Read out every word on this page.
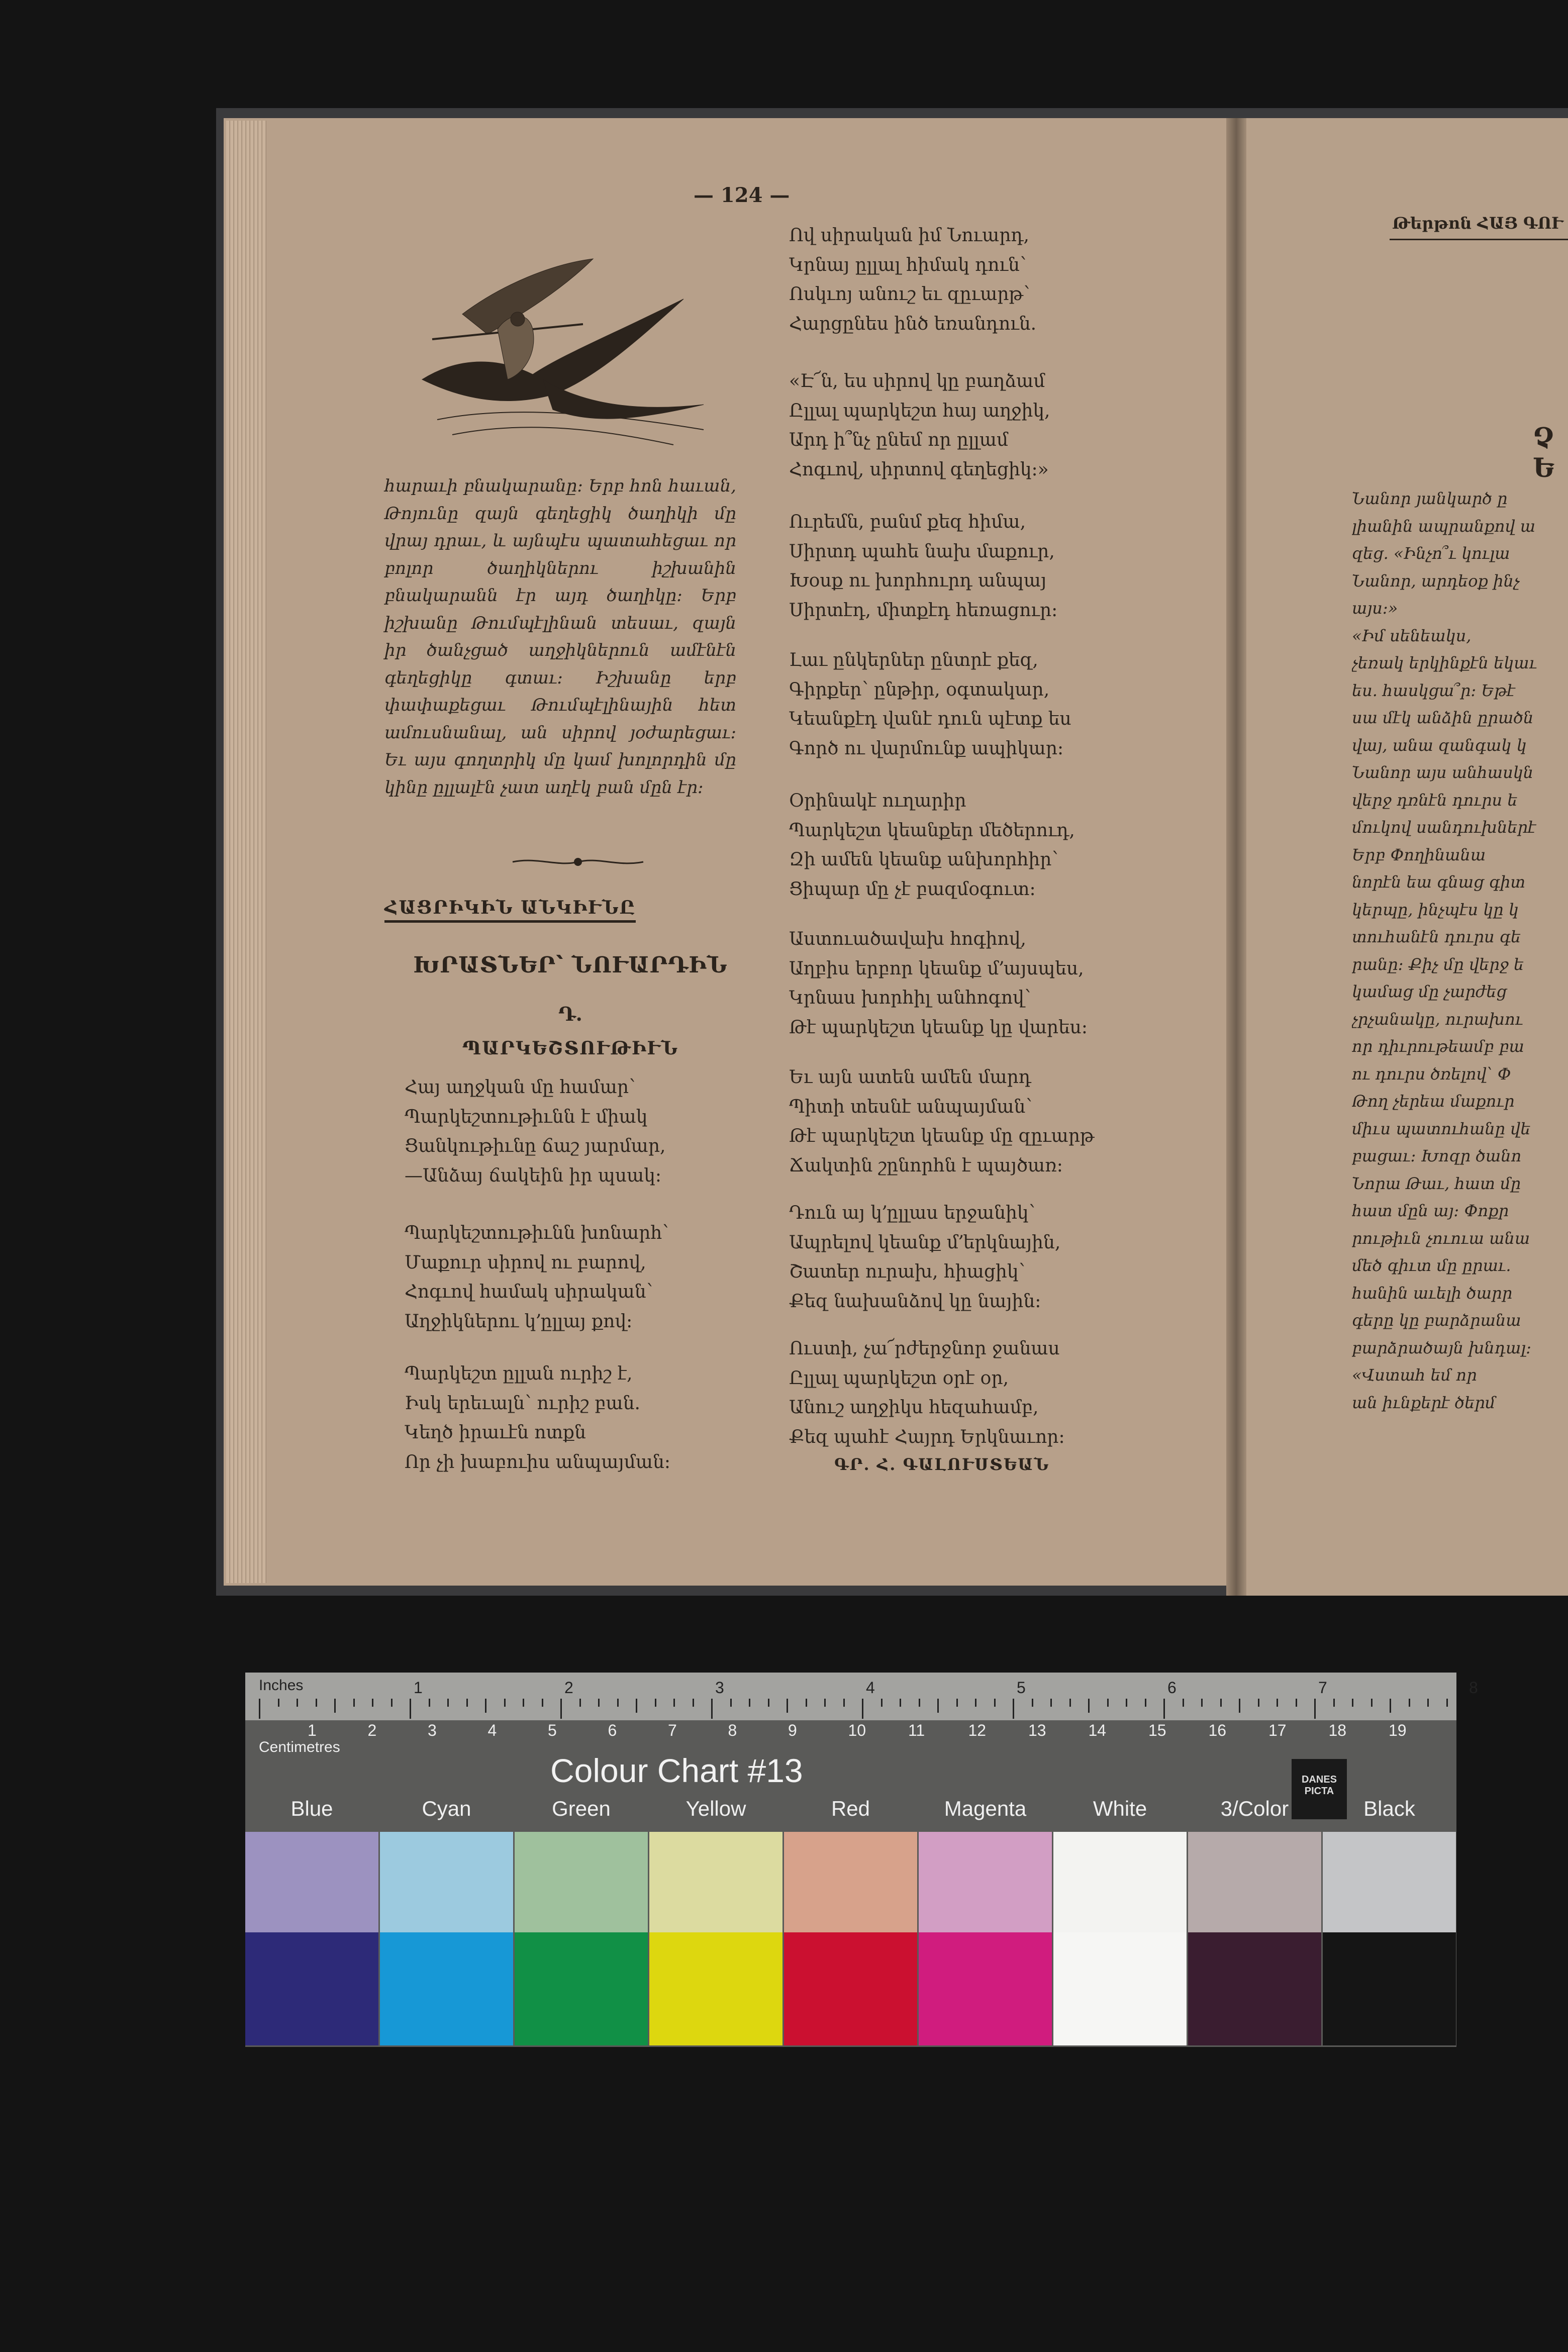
— 124 —
հարաւի բնակարանը։ Երբ հոն հաւան, Թոյունը զայն գեղեցիկ ծաղիկի մը վրայ դրաւ, և այնպէս պատահեցաւ որ բոլոր ծաղիկներու իշխանին բնակարանն էր այդ ծաղիկը։ Երբ իշխանը Թումպէլինան տեսաւ, զայն իր ծանչցած աղջիկներուն ամէնէն գեղեցիկը գտաւ։ Իշխանը երբ փափաքեցաւ Թումպէլինային հետ ամուսնանալ, ան սիրով յօժարեցաւ։ Եւ այս գողտրիկ մը կամ խոլորդին մը կինը ըլլալէն չատ աղէկ բան մըն էր։
ՀԱՑՐԻԿԻՆ ԱՆԿԻՒՆԸ
ԽՐԱՏՆԵՐ՝ ՆՈՒԱՐԴԻՆ
Դ.
ՊԱՐԿԵՇՏՈՒԹԻՒՆ
Հայ աղջկան մը համար՝
Պարկեշտութիւնն է միակ
Ցանկութիւնը ճաշ յարմար,
—Անձայ ճակեին իր պսակ։
Պարկեշտութիւնն խոնարհ՝
Մաքուր սիրով ու բարով,
Հոգւով համակ սիրական՝
Աղջիկներու կ՚ըլլայ քով։
Պարկեշտ ըլլան ուրիշ է,
Իսկ երեւալն՝ ուրիշ բան.
Կեղծ իրաւէն ոտքն
Որ չի խաբուիս անպայման։
Ով սիրական իմ Նուարդ,
Կրնայ ըլլալ հիմակ դուն՝
Ոսկւոյ անուշ եւ զըւարթ՝
Հարցընես ինծ եռանդուն.
«Է՜ն, ես սիրով կը բաղձամ
Ըլլալ պարկեշտ հայ աղջիկ,
Արդ ի՞նչ ընեմ որ ըլլամ
Հոգւով, սիրտով գեղեցիկ:»
Ուրեմն, բանմ քեզ հիմա,
Սիրտդ պահե նախ մաքուր,
Խօսք ու խորհուրդ անպայ
Սիրտէդ, միտքէդ հեռացուր:
Լաւ ընկերներ ընտրէ քեզ,
Գիրքեր՝ ընթիր, օգտակար,
Կեանքէդ վանէ դուն պէտք ես
Գործ ու վարմունք ապիկար:
Օրինակէ ուղարիր
Պարկեշտ կեանքեր մեծերուդ,
Զի ամեն կեանք անխորհիր՝
Ցիպար մը չէ բազմօգուտ:
Աստուածավախ հոգիով,
Աղբիս երբոր կեանք մ՚այսպես,
Կրնաս խորհիլ անհոգով՝
Թէ պարկեշտ կեանք կը վարես:
Եւ այն ատեն ամեն մարդ
Պիտի տեսնէ անպայման՝
Թէ պարկեշտ կեանք մը զըւարթ
Ճակտին շընորհն է պայծառ:
Դուն այ կ՚ըլլաս երջանիկ՝
Ապրելով կեանք մ՚երկնային,
Շատեր ուրախ, հիացիկ՝
Քեզ նախանձով կը նային:
Ուստի, չա՜րժերջնոր ջանաս
Ըլլալ պարկեշտ օրէ օր,
Անուշ աղջիկս հեզահամբ,
Քեզ պահէ Հայրդ Երկնաւոր:
ԳՐ. Հ. ԳԱԼՈՒՍՏԵԱՆ
Թերթոն ՀԱՅ ԳՈՒ
Չ Ե
Նանոր յանկարծ ը
լիանին ապրանքով ա
զեց. «Ինչո՞ւ կուլա
Նանոր, արդեօք ինչ
այս։»
«Իմ սենեակս,
չեռակ երկինքէն եկաւ
ես. հասկցա՞ր։ Եթէ
սա մէկ անձին ըրածն
վայ, անա զանգակ կ
Նանոր այս անհասկն
վերջ դռնէն դուրս ե
մուկով սանդուխներէ
Երբ Փողինանա
նորէն եա գնաց գիտ
կերպը, ինչպէս կը կ
տուհանէն դուրս գե
րանը։ Քիչ մը վերջ ե
կամաց մը չարժեց
չրչանակը, ուրախու
որ դիւրութեամբ բա
ու դուրս ծռելով՝ Փ
Թող չերեա մաքուր
միւս պատուհանը վե
բացաւ։ Խոզր ծանո
Նորա Թաւ, հատ մը
հատ մըն այ։ Փոքր
րութիւն չուուա անա
մեծ գիւտ մը ըրաւ.
հանին աւելի ծարր
գերը կը բարձրանա
բարձրածայն խնդալ։
«Վստահ եմ որ
ան իւնքերէ ծերմ
Inches
Centimetres
1	2	3	4	5	6	7	8
1	2	3	4	5	6	7	8	9	10	11	12	13	14	15	16	17	18	19
Colour Chart #13	DANES PICTA
Blue	Cyan	Green	Yellow	Red	Magenta	White	3/Color	Black
